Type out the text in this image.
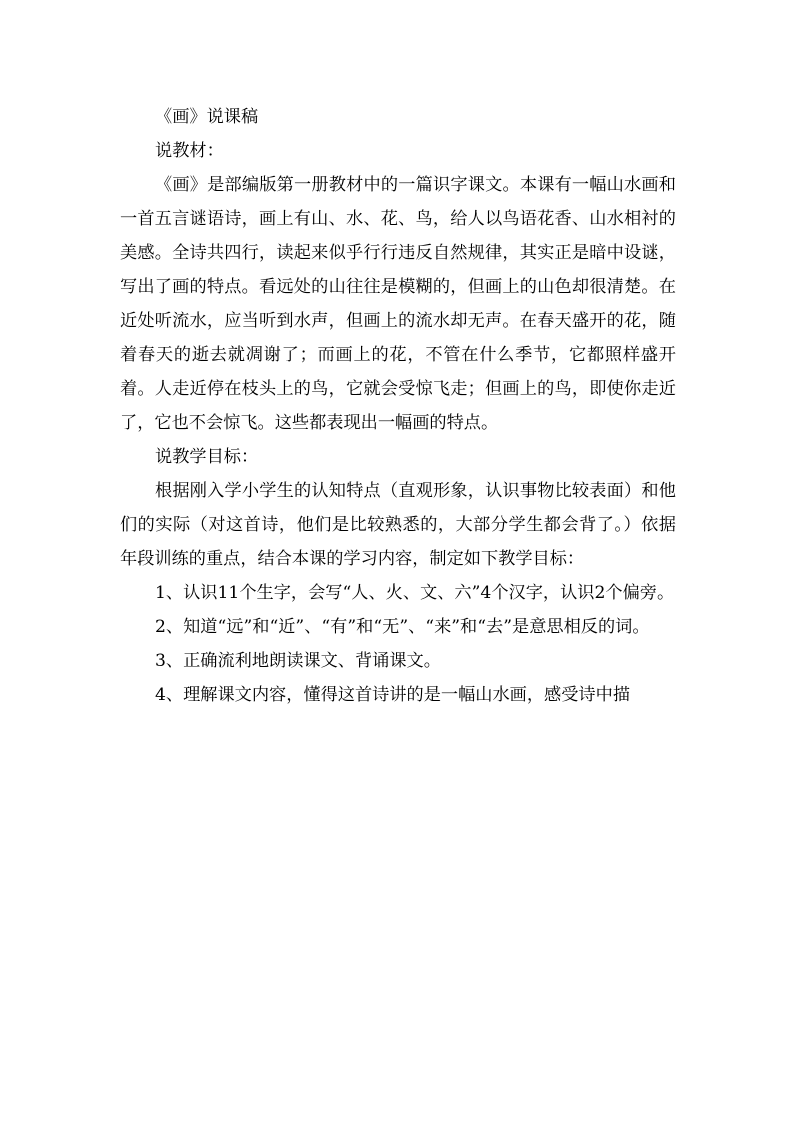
《画》说课稿

说教材：

《画》是部编版第一册教材中的一篇识字课文。本课有一幅山水画和一首五言谜语诗，画上有山、水、花、鸟，给人以鸟语花香、山水相衬的美感。全诗共四行，读起来似乎行行违反自然规律，其实正是暗中设谜，写出了画的特点。看远处的山往往是模糊的，但画上的山色却很清楚。在近处听流水，应当听到水声，但画上的流水却无声。在春天盛开的花，随着春天的逝去就凋谢了；而画上的花，不管在什么季节，它都照样盛开着。人走近停在枝头上的鸟，它就会受惊飞走；但画上的鸟，即使你走近了，它也不会惊飞。这些都表现出一幅画的特点。

说教学目标：

根据刚入学小学生的认知特点（直观形象，认识事物比较表面）和他们的实际（对这首诗，他们是比较熟悉的，大部分学生都会背了。）依据年段训练的重点，结合本课的学习内容，制定如下教学目标：

1、认识11个生字，会写“人、火、文、六”4个汉字，认识2个偏旁。

2、知道“远”和“近”、“有”和“无”、“来”和“去”是意思相反的词。

3、正确流利地朗读课文、背诵课文。

4、理解课文内容，懂得这首诗讲的是一幅山水画，感受诗中描
